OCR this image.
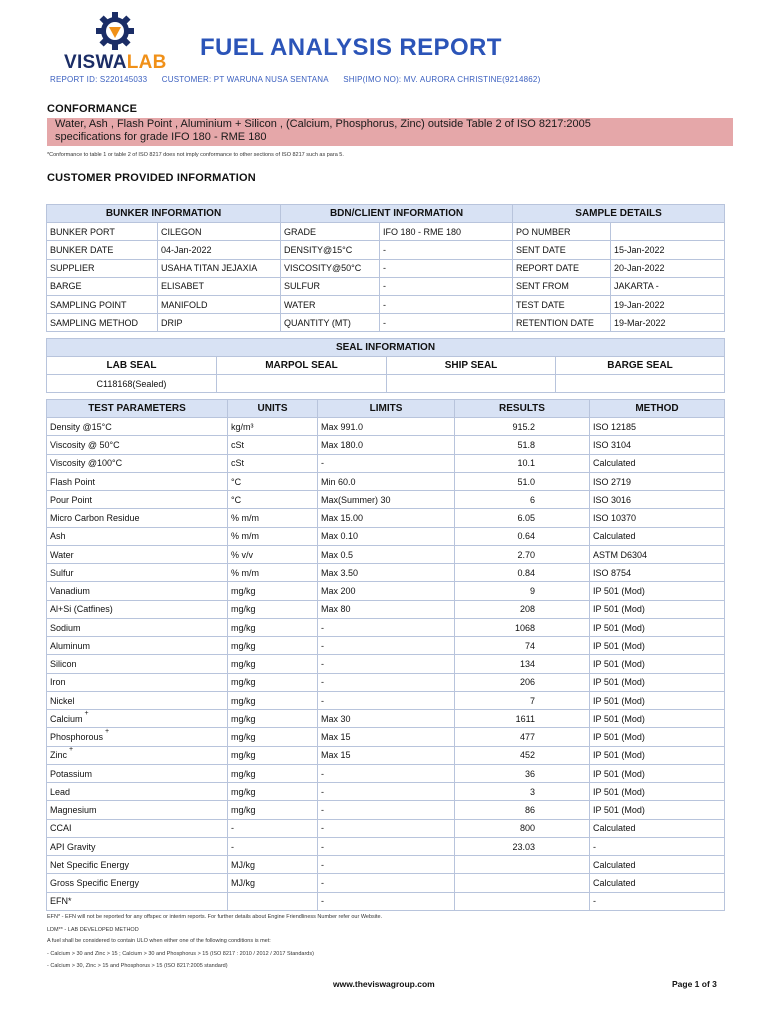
VISWALAB
FUEL ANALYSIS REPORT
REPORT ID: S220145033 CUSTOMER: PT WARUNA NUSA SENTANA SHIP(IMO NO): MV. AURORA CHRISTINE(9214862)
CONFORMANCE
Water, Ash , Flash Point , Aluminium + Silicon , (Calcium, Phosphorus, Zinc) outside Table 2 of ISO 8217:2005
specifications for grade IFO 180 - RME 180
*Conformance to table 1 or table 2 of ISO 8217 does not imply conformance to other sections of ISO 8217 such as para 5.
CUSTOMER PROVIDED INFORMATION
BUNKER INFORMATION		BDN/CLIENT INFORMATION		SAMPLE DETAILS	
BUNKER PORT	CILEGON	GRADE	IFO 180 - RME 180	PO NUMBER	
BUNKER DATE	04-Jan-2022	DENSITY@15°C	-	SENT DATE	15-Jan-2022
SUPPLIER	USAHA TITAN JEJAXIA	VISCOSITY@50°C	-	REPORT DATE	20-Jan-2022
BARGE	ELISABET	SULFUR	-	SENT FROM	JAKARTA -
SAMPLING POINT	MANIFOLD	WATER	-	TEST DATE	19-Jan-2022
SAMPLING METHOD	DRIP	QUANTITY (MT)	-	RETENTION DATE	19-Mar-2022
SEAL INFORMATION			
LAB SEAL	MARPOL SEAL	SHIP SEAL	BARGE SEAL
C118168(Sealed)			
TEST PARAMETERS	UNITS	LIMITS	RESULTS	METHOD
Density @15°C	kg/m³	Max 991.0	915.2	ISO 12185
Viscosity @ 50°C	cSt	Max 180.0	51.8	ISO 3104
Viscosity @100°C	cSt	-	10.1	Calculated
Flash Point	°C	Min 60.0	51.0	ISO 2719
Pour Point	°C	Max(Summer) 30	6	ISO 3016
Micro Carbon Residue	% m/m	Max 15.00	6.05	ISO 10370
Ash	% m/m	Max 0.10	0.64	Calculated
Water	% v/v	Max 0.5	2.70	ASTM D6304
Sulfur	% m/m	Max 3.50	0.84	ISO 8754
Vanadium	mg/kg	Max 200	9	IP 501 (Mod)
Al+Si (Catfines)	mg/kg	Max 80	208	IP 501 (Mod)
Sodium	mg/kg	-	1068	IP 501 (Mod)
Aluminum	mg/kg	-	74	IP 501 (Mod)
Silicon	mg/kg	-	134	IP 501 (Mod)
Iron	mg/kg	-	206	IP 501 (Mod)
Nickel	mg/kg	-	7	IP 501 (Mod)
Calcium+	mg/kg	Max 30	1611	IP 501 (Mod)
Phosphorous+	mg/kg	Max 15	477	IP 501 (Mod)
Zinc+	mg/kg	Max 15	452	IP 501 (Mod)
Potassium	mg/kg	-	36	IP 501 (Mod)
Lead	mg/kg	-	3	IP 501 (Mod)
Magnesium	mg/kg	-	86	IP 501 (Mod)
CCAI	-	-	800	Calculated
API Gravity	-	-	23.03	-
Net Specific Energy	MJ/kg	-		Calculated
Gross Specific Energy	MJ/kg	-		Calculated
EFN*		-		-
EFN* - EFN will not be reported for any offspec or interim reports. For further details about Engine Friendliness Number refer our Website.
LDM** - LAB DEVELOPED METHOD
A fuel shall be considered to contain ULO when either one of the following conditions is met:
- Calcium > 30 and Zinc > 15 ; Calcium > 30 and Phosphorus > 15 (ISO 8217 : 2010 / 2012 / 2017 Standards)
- Calcium > 30, Zinc > 15 and Phosphorus > 15 (ISO 8217:2005 standard)
www.theviswagroup.com	Page 1 of 3
